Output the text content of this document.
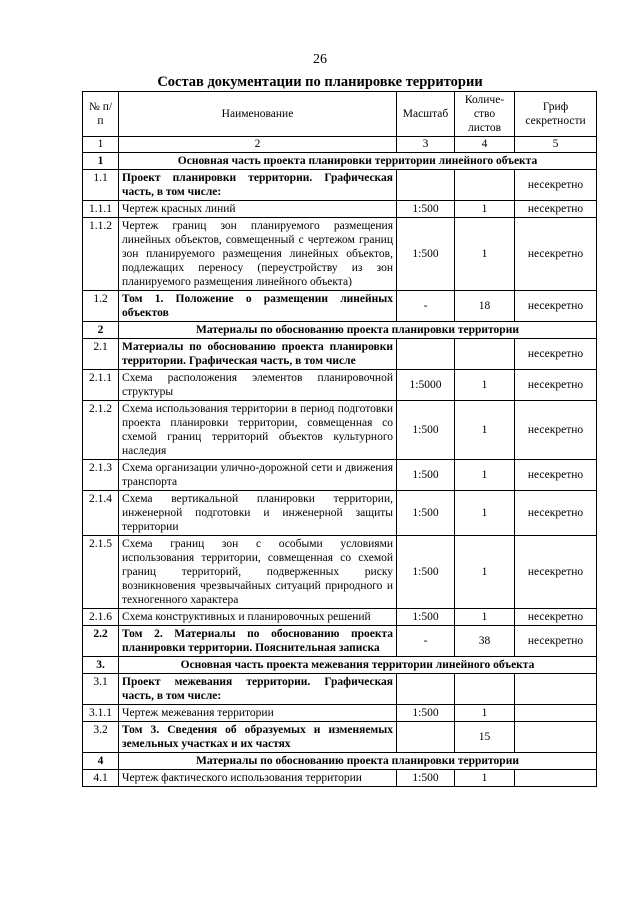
26
Состав документации по планировке территории
№ п/п	Наименование	Масштаб	Количе-ство листов	Гриф секретности
1	2	3	4	5
1	Основная часть проекта планировки территории линейного объекта			
1.1	Проект планировки территории. Графическая часть, в том числе:			несекретно
1.1.1	Чертеж красных линий	1:500	1	несекретно
1.1.2	Чертеж границ зон планируемого размещения линейных объектов, совмещенный с чертежом границ зон планируемого размещения линейных объектов, подлежащих переносу (переустройству из зон планируемого размещения линейного объекта)	1:500	1	несекретно
1.2	Том 1. Положение о размещении линейных объектов	-	18	несекретно
2	Материалы по обоснованию проекта планировки территории			
2.1	Материалы по обоснованию проекта планировки территории. Графическая часть, в том числе			несекретно
2.1.1	Схема расположения элементов планировочной структуры	1:5000	1	несекретно
2.1.2	Схема использования территории в период подготовки проекта планировки территории, совмещенная со схемой границ территорий объектов культурного наследия	1:500	1	несекретно
2.1.3	Схема организации улично-дорожной сети и движения транспорта	1:500	1	несекретно
2.1.4	Схема вертикальной планировки территории, инженерной подготовки и инженерной защиты территории	1:500	1	несекретно
2.1.5	Схема границ зон с особыми условиями использования территории, совмещенная со схемой границ территорий, подверженных риску возникновения чрезвычайных ситуаций природного и техногенного характера	1:500	1	несекретно
2.1.6	Схема конструктивных и планировочных решений	1:500	1	несекретно
2.2	Том 2. Материалы по обоснованию проекта планировки территории. Пояснительная записка	-	38	несекретно
3.	Основная часть проекта межевания территории линейного объекта			
3.1	Проект межевания территории. Графическая часть, в том числе:			
3.1.1	Чертеж межевания территории	1:500	1	
3.2	Том 3. Сведения об образуемых и изменяемых земельных участках и их частях		15	
4	Материалы по обоснованию проекта планировки территории			
4.1	Чертеж фактического использования территории	1:500	1	
